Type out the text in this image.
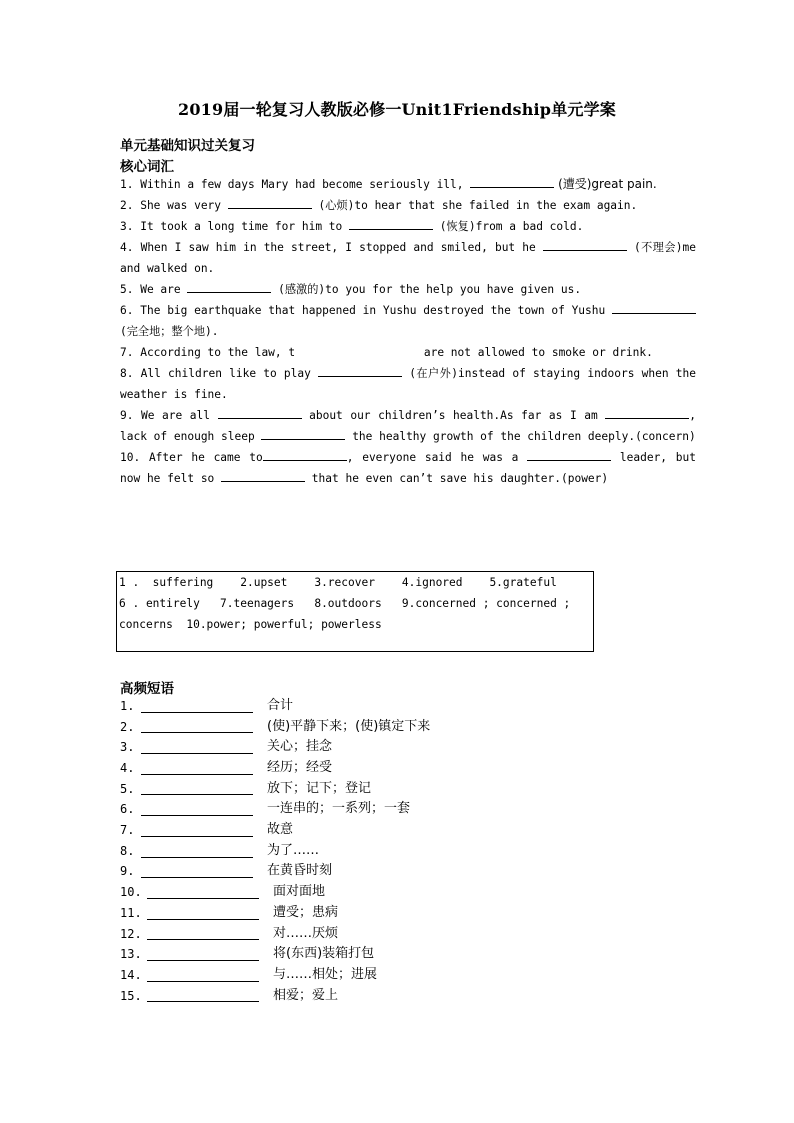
2019届一轮复习人教版必修一Unit1Friendship单元学案
单元基础知识过关复习
核心词汇

1. Within a few days Mary had become seriously ill,	(遭受)great pain.

2. She was very	(心烦)to hear that she failed in the exam again.

3. It took a long time for him to	(恢复)from a bad cold.

4. When I saw him in the street, I stopped and smiled, but he	(不理会)me and walked on.

5. We are	(感激的)to you for the help you have given us.

6. The big earthquake that happened in Yushu destroyed the town of Yushu (完全地；整个地).

7. According to the law, t	are not allowed to smoke or drink.

8. All children like to play	(在户外)instead of staying indoors when the weather is fine.

9. We are all	about our children’s health.As far as I am	, lack of enough sleep	the healthy growth of the children deeply.(concern)

10. After he came to	, everyone said he was a	leader, but now he felt so	that he even can’t save his daughter.(power)

1 .  suffering    2.upset    3.recover    4.ignored    5.grateful
6 . entirely   7.teenagers   8.outdoors   9.concerned ; concerned ;
concerns  10.power; powerful; powerless
高频短语
1.	合计
2.	(使)平静下来；(使)镇定下来
3.	关心；挂念
4.	经历；经受
5.	放下；记下；登记
6.	一连串的；一系列；一套
7.	故意
8.	为了……
9.	在黄昏时刻
10.	面对面地
11.	遭受；患病
12.	对……厌烦
13.	将(东西)装箱打包
14.	与……相处；进展
15.	相爱；爱上
